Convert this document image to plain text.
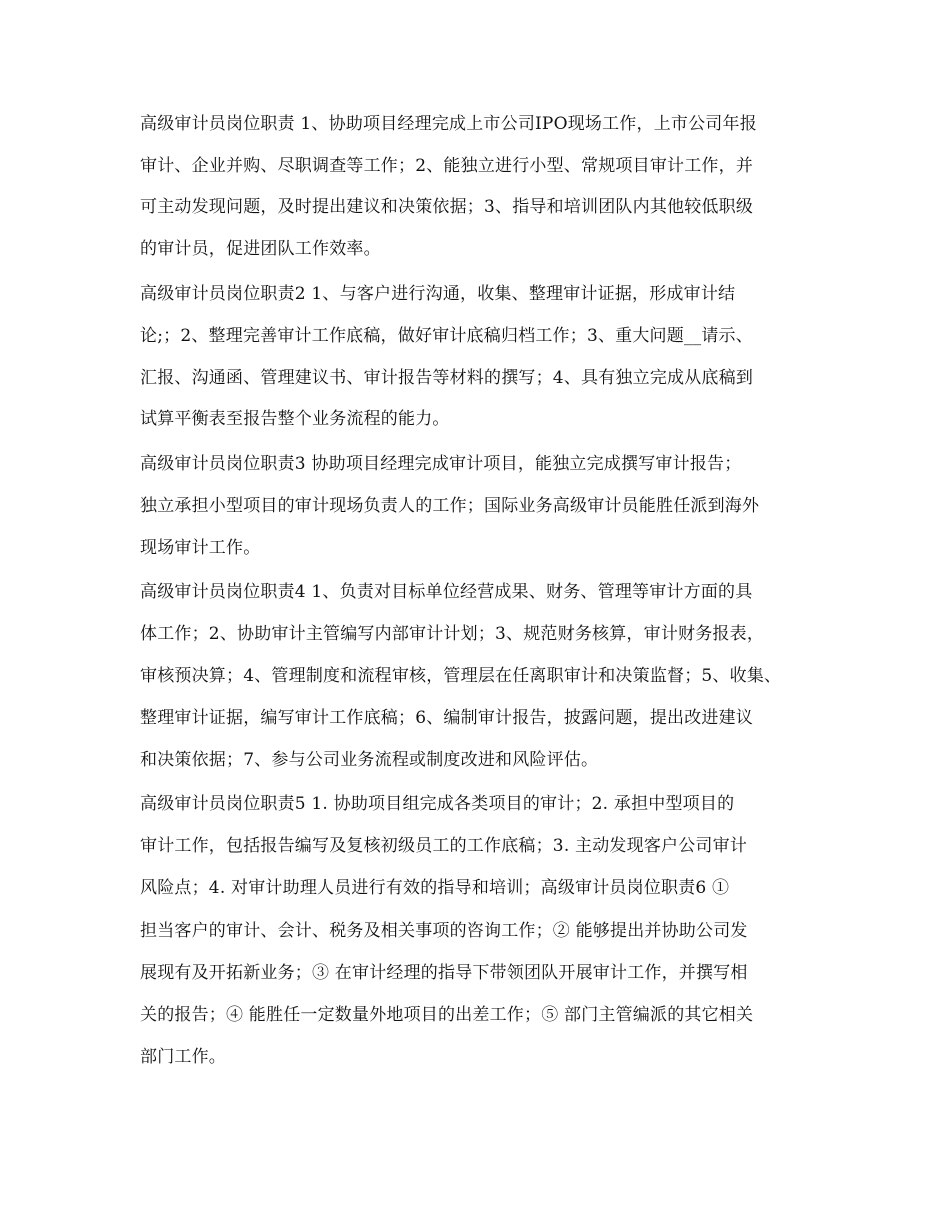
高级审计员岗位职责 1、协助项目经理完成上市公司IPO现场工作，上市公司年报
审计、企业并购、尽职调查等工作；2、能独立进行小型、常规项目审计工作，并
可主动发现问题，及时提出建议和决策依据；3、指导和培训团队内其他较低职级
的审计员，促进团队工作效率。
高级审计员岗位职责2 1、与客户进行沟通，收集、整理审计证据，形成审计结
论;；2、整理完善审计工作底稿，做好审计底稿归档工作；3、重大问题__请示、
汇报、沟通函、管理建议书、审计报告等材料的撰写；4、具有独立完成从底稿到
试算平衡表至报告整个业务流程的能力。
高级审计员岗位职责3 协助项目经理完成审计项目，能独立完成撰写审计报告；
独立承担小型项目的审计现场负责人的工作；国际业务高级审计员能胜任派到海外
现场审计工作。
高级审计员岗位职责4 1、负责对目标单位经营成果、财务、管理等审计方面的具
体工作；2、协助审计主管编写内部审计计划；3、规范财务核算，审计财务报表，
审核预决算；4、管理制度和流程审核，管理层在任离职审计和决策监督；5、收集、
整理审计证据，编写审计工作底稿；6、编制审计报告，披露问题，提出改进建议
和决策依据；7、参与公司业务流程或制度改进和风险评估。
高级审计员岗位职责5 1. 协助项目组完成各类项目的审计；2. 承担中型项目的
审计工作，包括报告编写及复核初级员工的工作底稿；3. 主动发现客户公司审计
风险点；4. 对审计助理人员进行有效的指导和培训；高级审计员岗位职责6 ①
担当客户的审计、会计、税务及相关事项的咨询工作；② 能够提出并协助公司发
展现有及开拓新业务；③ 在审计经理的指导下带领团队开展审计工作，并撰写相
关的报告；④ 能胜任一定数量外地项目的出差工作；⑤ 部门主管编派的其它相关
部门工作。
